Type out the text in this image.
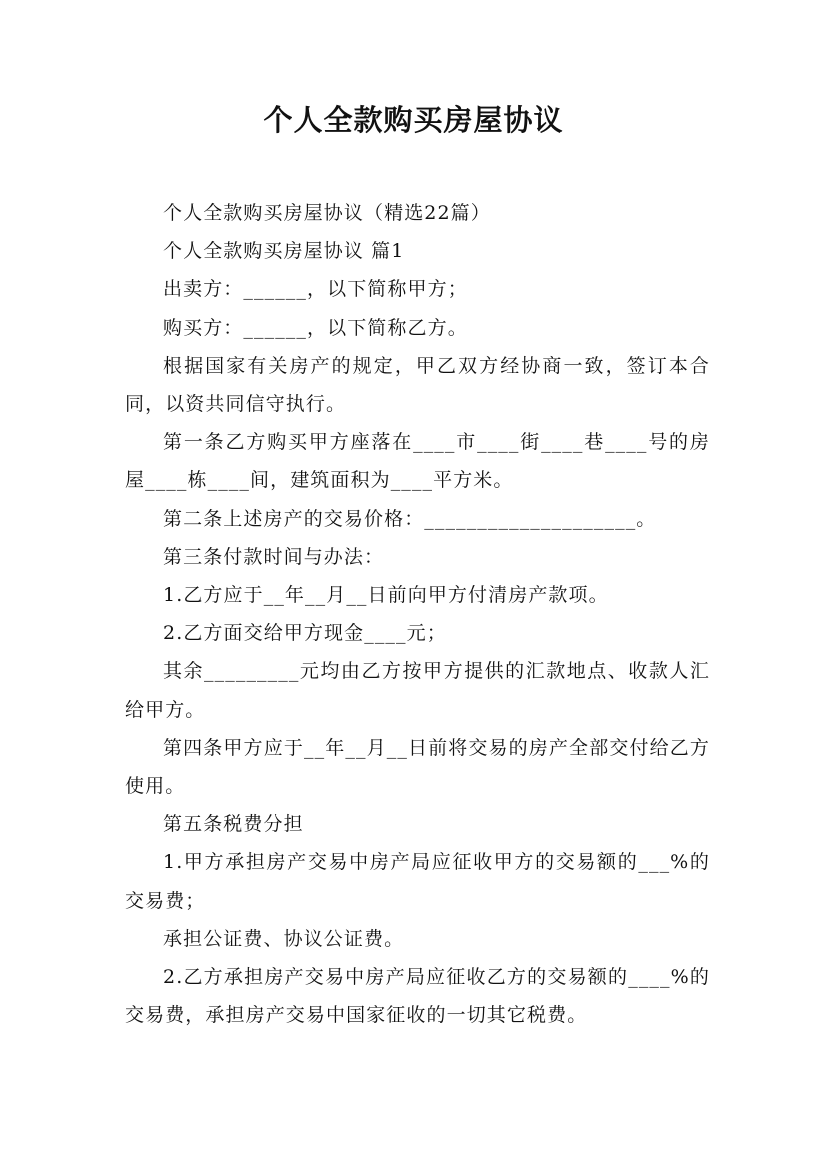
个人全款购买房屋协议

个人全款购买房屋协议（精选22篇）

个人全款购买房屋协议 篇1

出卖方：______，以下简称甲方；

购买方：______，以下简称乙方。

根据国家有关房产的规定，甲乙双方经协商一致，签订本合同，以资共同信守执行。

第一条乙方购买甲方座落在____市____街____巷____号的房屋____栋____间，建筑面积为____平方米。

第二条上述房产的交易价格：____________________。

第三条付款时间与办法：

1.乙方应于__年__月__日前向甲方付清房产款项。

2.乙方面交给甲方现金____元；

其余_________元均由乙方按甲方提供的汇款地点、收款人汇给甲方。

第四条甲方应于__年__月__日前将交易的房产全部交付给乙方使用。

第五条税费分担

1.甲方承担房产交易中房产局应征收甲方的交易额的___%的交易费；

承担公证费、协议公证费。

2.乙方承担房产交易中房产局应征收乙方的交易额的____%的交易费，承担房产交易中国家征收的一切其它税费。
